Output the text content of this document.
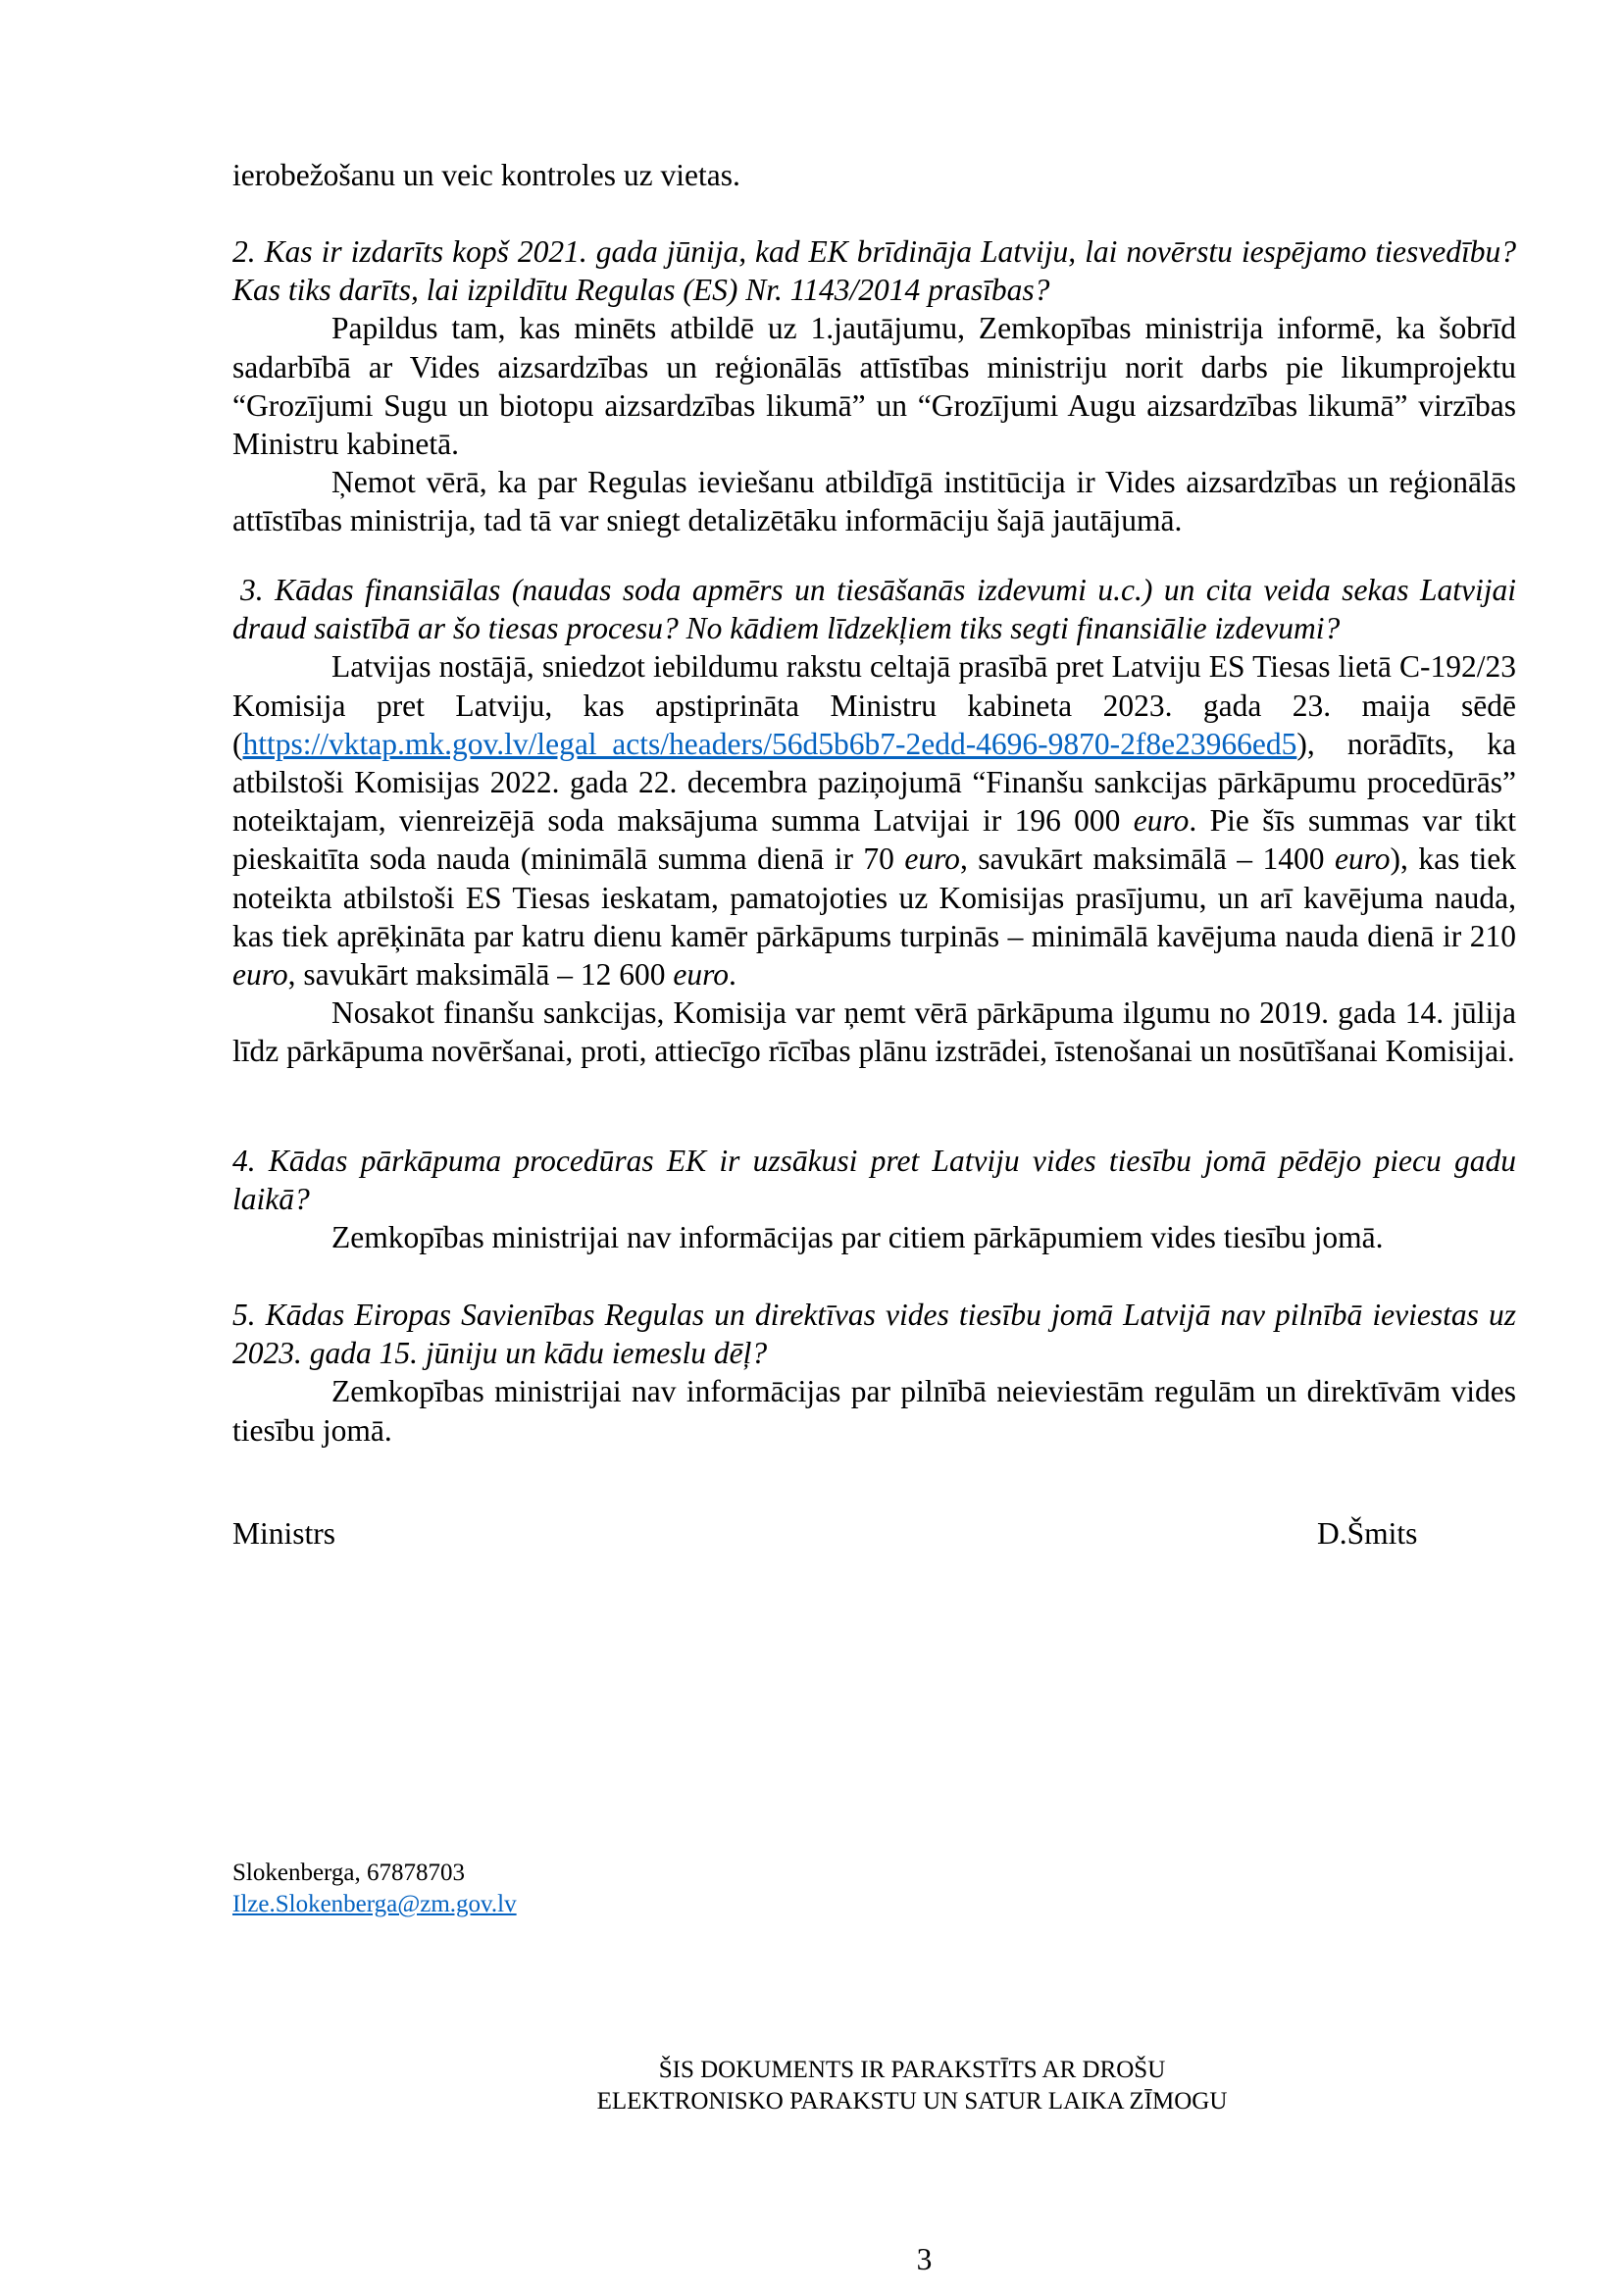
ierobežošanu un veic kontroles uz vietas.

2. Kas ir izdarīts kopš 2021. gada jūnija, kad EK brīdināja Latviju, lai novērstu iespējamo tiesvedību? Kas tiks darīts, lai izpildītu Regulas (ES) Nr. 1143/2014 prasības?

Papildus tam, kas minēts atbildē uz 1.jautājumu, Zemkopības ministrija informē, ka šobrīd sadarbībā ar Vides aizsardzības un reģionālās attīstības ministriju norit darbs pie likumprojektu “Grozījumi Sugu un biotopu aizsardzības likumā” un “Grozījumi Augu aizsardzības likumā” virzības Ministru kabinetā.

Ņemot vērā, ka par Regulas ieviešanu atbildīgā institūcija ir Vides aizsardzības un reģionālās attīstības ministrija, tad tā var sniegt detalizētāku informāciju šajā jautājumā.

3. Kādas finansiālas (naudas soda apmērs un tiesāšanās izdevumi u.c.) un cita veida sekas Latvijai draud saistībā ar šo tiesas procesu? No kādiem līdzekļiem tiks segti finansiālie izdevumi?

Latvijas nostājā, sniedzot iebildumu rakstu celtajā prasībā pret Latviju ES Tiesas lietā C-192/23 Komisija pret Latviju, kas apstiprināta Ministru kabineta 2023. gada 23. maija sēdē (https://vktap.mk.gov.lv/legal_acts/headers/56d5b6b7-2edd-4696-9870-2f8e23966ed5), norādīts, ka atbilstoši Komisijas 2022. gada 22. decembra paziņojumā “Finanšu sankcijas pārkāpumu procedūrās” noteiktajam, vienreizējā soda maksājuma summa Latvijai ir 196 000 euro. Pie šīs summas var tikt pieskaitīta soda nauda (minimālā summa dienā ir 70 euro, savukārt maksimālā – 1400 euro), kas tiek noteikta atbilstoši ES Tiesas ieskatam, pamatojoties uz Komisijas prasījumu, un arī kavējuma nauda, kas tiek aprēķināta par katru dienu kamēr pārkāpums turpinās – minimālā kavējuma nauda dienā ir 210 euro, savukārt maksimālā – 12 600 euro.

Nosakot finanšu sankcijas, Komisija var ņemt vērā pārkāpuma ilgumu no 2019. gada 14. jūlija līdz pārkāpuma novēršanai, proti, attiecīgo rīcības plānu izstrādei, īstenošanai un nosūtīšanai Komisijai.

4. Kādas pārkāpuma procedūras EK ir uzsākusi pret Latviju vides tiesību jomā pēdējo piecu gadu laikā?

Zemkopības ministrijai nav informācijas par citiem pārkāpumiem vides tiesību jomā.

5. Kādas Eiropas Savienības Regulas un direktīvas vides tiesību jomā Latvijā nav pilnībā ieviestas uz 2023. gada 15. jūniju un kādu iemeslu dēļ?

Zemkopības ministrijai nav informācijas par pilnībā neieviestām regulām un direktīvām vides tiesību jomā.

Ministrs	D.Šmits
Slokenberga, 67878703
Ilze.Slokenberga@zm.gov.lv
ŠIS DOKUMENTS IR PARAKSTĪTS AR DROŠU
ELEKTRONISKO PARAKSTU UN SATUR LAIKA ZĪMOGU
3
